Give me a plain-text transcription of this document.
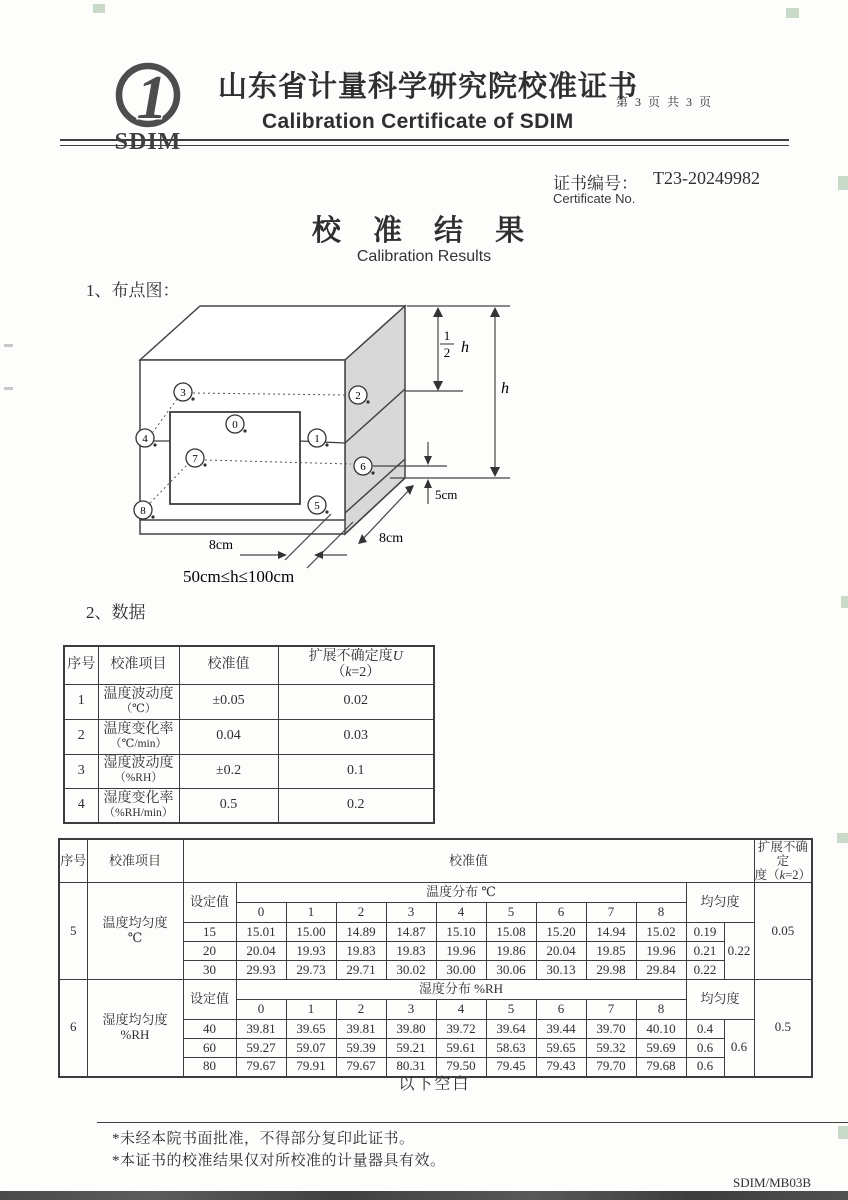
1
SDIM
山东省计量科学研究院校准证书
第 3 页 共 3 页
Calibration Certificate of SDIM
证书编号： T23-20249982
Certificate No.
校 准 结 果
Calibration Results
1、布点图：
1
2 h
h
5cm
8cm
8cm
50cm≤h≤100cm
0
1
2
3
4
5
6
7
8
2、数据
序号	校准项目	校准值	扩展不确定度U
（k=2）
1	温度波动度
（℃）	±0.05	0.02
2	温度变化率
（℃/min）	0.04	0.03
3	湿度波动度
（%RH）	±0.2	0.1
4	湿度变化率
（%RH/min）	0.5	0.2
序号	校准项目	校准值												扩展不确定
度（k=2）
5	温度均匀度
℃	设定值	温度分布 ℃									均匀度		0.05
			0	1	2	3	4	5	6	7	8			
		15	15.01	15.00	14.89	14.87	15.10	15.08	15.20	14.94	15.02	0.19	0.22	
		20	20.04	19.93	19.83	19.83	19.96	19.86	20.04	19.85	19.96	0.21		
		30	29.93	29.73	29.71	30.02	30.00	30.06	30.13	29.98	29.84	0.22		
6	湿度均匀度
%RH	设定值	湿度分布 %RH									均匀度		0.5
			0	1	2	3	4	5	6	7	8			
		40	39.81	39.65	39.81	39.80	39.72	39.64	39.44	39.70	40.10	0.4	0.6	
		60	59.27	59.07	59.39	59.21	59.61	58.63	59.65	59.32	59.69	0.6		
		80	79.67	79.91	79.67	80.31	79.50	79.45	79.43	79.70	79.68	0.6		
以下空白
*未经本院书面批准，不得部分复印此证书。
*本证书的校准结果仅对所校准的计量器具有效。
SDIM/MB03B
